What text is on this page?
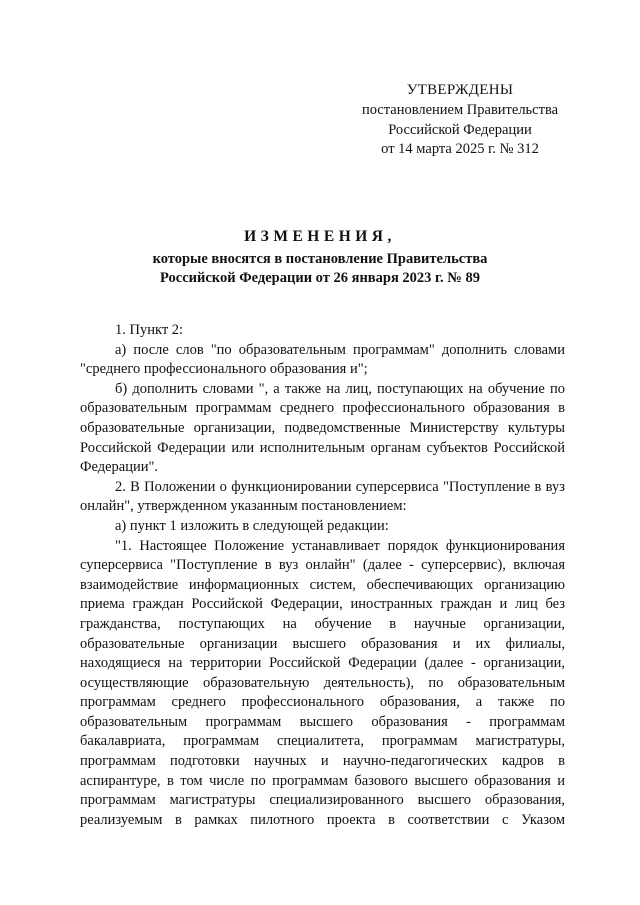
УТВЕРЖДЕНЫ
постановлением Правительства
Российской Федерации
от 14 марта 2025 г. № 312
ИЗМЕНЕНИЯ,
которые вносятся в постановление Правительства
Российской Федерации от 26 января 2023 г. № 89

1. Пункт 2:

а) после слов "по образовательным программам" дополнить словами "среднего профессионального образования и";

б) дополнить словами ", а также на лиц, поступающих на обучение по образовательным программам среднего профессионального образования в образовательные организации, подведомственные Министерству культуры Российской Федерации или исполнительным органам субъектов Российской Федерации".

2. В Положении о функционировании суперсервиса "Поступление в вуз онлайн", утвержденном указанным постановлением:

а) пункт 1 изложить в следующей редакции:

"1. Настоящее Положение устанавливает порядок функционирования суперсервиса "Поступление в вуз онлайн" (далее - суперсервис), включая взаимодействие информационных систем, обеспечивающих организацию приема граждан Российской Федерации, иностранных граждан и лиц без гражданства, поступающих на обучение в научные организации, образовательные организации высшего образования и их филиалы, находящиеся на территории Российской Федерации (далее - организации, осуществляющие образовательную деятельность), по образовательным программам среднего профессионального образования, а также по образовательным программам высшего образования - программам бакалавриата, программам специалитета, программам магистратуры, программам подготовки научных и научно-педагогических кадров в аспирантуре, в том числе по программам базового высшего образования и программам магистратуры специализированного высшего образования, реализуемым в рамках пилотного проекта в соответствии с Указом
